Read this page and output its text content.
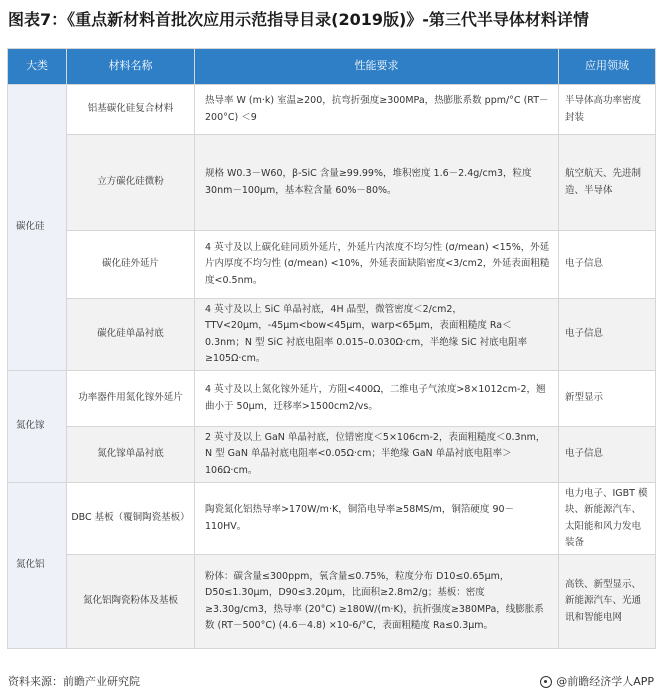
图表7：《重点新材料首批次应用示范指导目录(2019版)》-第三代半导体材料详情
大类	材料名称	性能要求	应用领域
碳化硅	铝基碳化硅复合材料	热导率 W (m·k) 室温≥200，抗弯折强度≥300MPa，热膨胀系数 ppm/°C (RT－200°C) ＜9	半导体高功率密度封装
	立方碳化硅微粉	规格 W0.3－W60，β-SiC 含量≥99.99%，堆积密度 1.6－2.4g/cm3，粒度 30nm－100μm，基本粒含量 60%－80%。	航空航天、先进制造、半导体
	碳化硅外延片	4 英寸及以上碳化硅同质外延片，外延片内浓度不均匀性 (σ/mean) <15%，外延片内厚度不均匀性 (σ/mean) <10%，外延表面缺陷密度<3/cm2，外延表面粗糙度<0.5nm。	电子信息
	碳化硅单晶衬底	4 英寸及以上 SiC 单晶衬底，4H 晶型，微管密度＜2/cm2，TTV<20μm，-45μm<bow<45μm，warp<65μm，表面粗糙度 Ra＜0.3nm；N 型 SiC 衬底电阻率 0.015–0.030Ω·cm，半绝缘 SiC 衬底电阻率≥105Ω·cm。	电子信息
氮化镓	功率器件用氮化镓外延片	4 英寸及以上氮化镓外延片，方阻<400Ω，二维电子气浓度>8×1012cm-2，翘曲小于 50μm，迁移率>1500cm2/vs。	新型显示
	氮化镓单晶衬底	2 英寸及以上 GaN 单晶衬底，位错密度＜5×106cm-2，表面粗糙度＜0.3nm，N 型 GaN 单晶衬底电阻率<0.05Ω·cm；半绝缘 GaN 单晶衬底电阻率＞106Ω·cm。	电子信息
氮化铝	DBC 基板（覆铜陶瓷基板）	陶瓷氮化铝热导率>170W/m·K，铜箔电导率≥58MS/m，铜箔硬度 90－110HV。	电力电子、IGBT 模块、新能源汽车、太阳能和风力发电装备
	氮化铝陶瓷粉体及基板	粉体：碳含量≤300ppm，氧含量≤0.75%，粒度分布 D10≤0.65μm，D50≤1.30μm，D90≤3.20μm，比面积≥2.8m2/g；基板：密度≥3.30g/cm3，热导率 (20°C) ≥180W/(m·K)，抗折强度≥380MPa，线膨胀系数 (RT－500°C) (4.6－4.8) ×10-6/°C，表面粗糙度 Ra≤0.3μm。	高铁、新型显示、新能源汽车、光通讯和智能电网
资料来源：前瞻产业研究院	@前瞻经济学人APP
